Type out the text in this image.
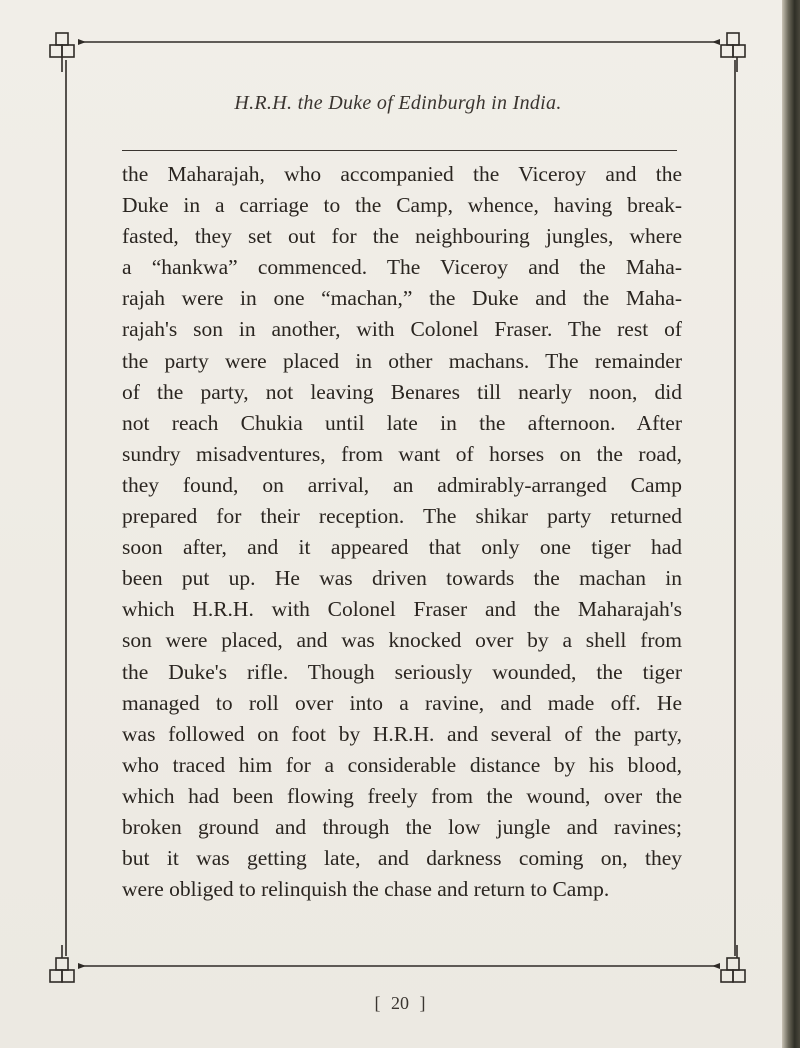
H.R.H. the Duke of Edinburgh in India.
the Maharajah, who accompanied the Viceroy and the
Duke in a carriage to the Camp, whence, having break-
fasted, they set out for the neighbouring jungles, where
a “hankwa” commenced. The Viceroy and the Maha-
rajah were in one “machan,” the Duke and the Maha-
rajah's son in another, with Colonel Fraser. The rest of
the party were placed in other machans. The remainder
of the party, not leaving Benares till nearly noon, did
not reach Chukia until late in the afternoon. After
sundry misadventures, from want of horses on the road,
they found, on arrival, an admirably-arranged Camp
prepared for their reception. The shikar party returned
soon after, and it appeared that only one tiger had
been put up. He was driven towards the machan in
which H.R.H. with Colonel Fraser and the Maharajah's
son were placed, and was knocked over by a shell from
the Duke's rifle. Though seriously wounded, the tiger
managed to roll over into a ravine, and made off. He
was followed on foot by H.R.H. and several of the party,
who traced him for a considerable distance by his blood,
which had been flowing freely from the wound, over the
broken ground and through the low jungle and ravines;
but it was getting late, and darkness coming on, they
were obliged to relinquish the chase and return to Camp.
[ 20 ]
